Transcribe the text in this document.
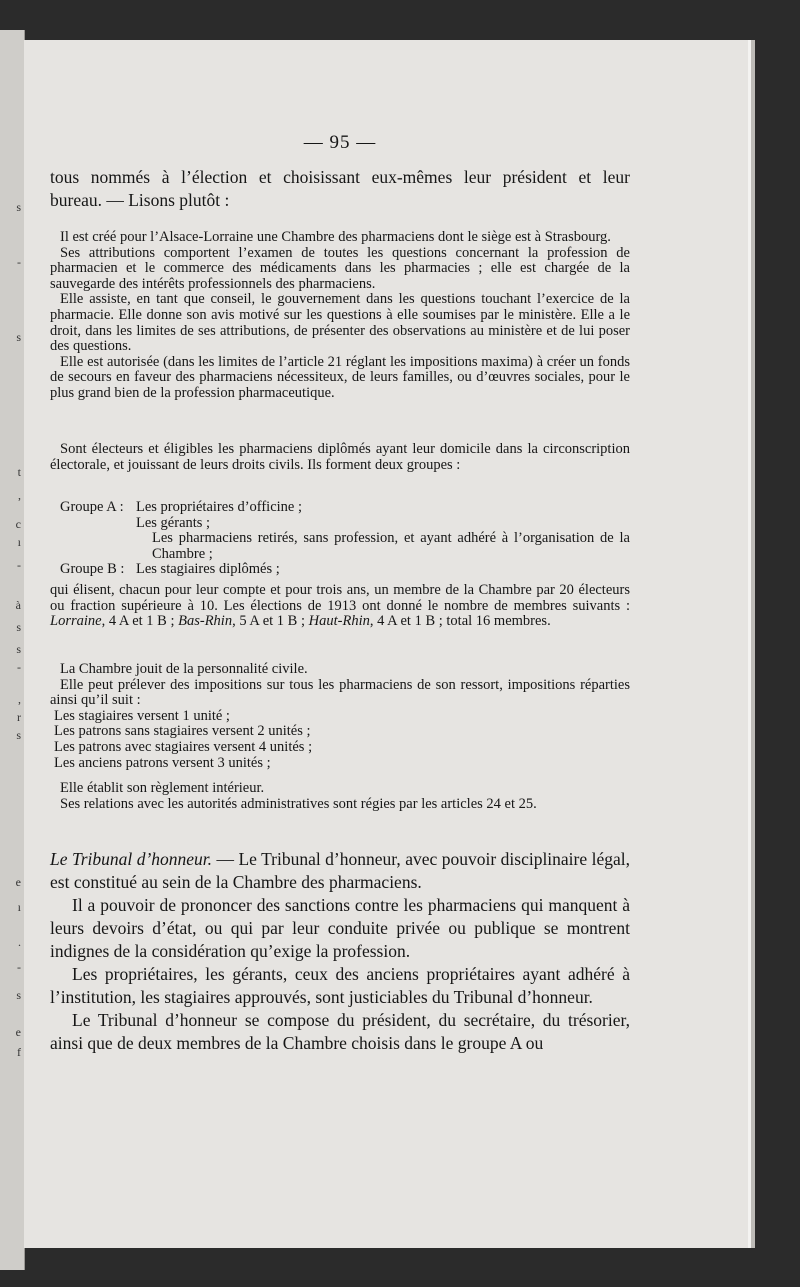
s
-
s
t
,
c
ı
-
à
s
s
-
,
r
s
e
ı
.
-
s
e
f
— 95 —

tous nommés à l’élection et choisissant eux-mêmes leur président et leur

bureau. — Lisons plutôt :

Il est créé pour l’Alsace-Lorraine une Chambre des pharmaciens dont le siège est à Strasbourg.

Ses attributions comportent l’examen de toutes les questions concernant la profession de pharmacien et le commerce des médicaments dans les pharmacies ; elle est chargée de la sauvegarde des intérêts professionnels des pharmaciens.

Elle assiste, en tant que conseil, le gouvernement dans les questions touchant l’exercice de la pharmacie. Elle donne son avis motivé sur les questions à elle soumises par le ministère. Elle a le droit, dans les limites de ses attributions, de présenter des observations au ministère et de lui poser des questions.

Elle est autorisée (dans les limites de l’article 21 réglant les impositions maxima) à créer un fonds de secours en faveur des pharmaciens nécessiteux, de leurs familles, ou d’œuvres sociales, pour le plus grand bien de la profession pharmaceutique.

Sont électeurs et éligibles les pharmaciens diplômés ayant leur domicile dans la circonscription électorale, et jouissant de leurs droits civils. Ils forment deux groupes :

Groupe A : Les propriétaires d’officine ;

Les gérants ;

Les pharmaciens retirés, sans profession, et ayant adhéré à l’organisation de la Chambre ;

Groupe B : Les stagiaires diplômés ;

qui élisent, chacun pour leur compte et pour trois ans, un membre de la Chambre par 20 électeurs ou fraction supérieure à 10. Les élections de 1913 ont donné le nombre de membres suivants : Lorraine, 4 A et 1 B ; Bas-Rhin, 5 A et 1 B ; Haut-Rhin, 4 A et 1 B ; total 16 membres.

La Chambre jouit de la personnalité civile.

Elle peut prélever des impositions sur tous les pharmaciens de son ressort, impositions réparties ainsi qu’il suit :

Les stagiaires versent 1 unité ;

Les patrons sans stagiaires versent 2 unités ;

Les patrons avec stagiaires versent 4 unités ;

Les anciens patrons versent 3 unités ;

Elle établit son règlement intérieur.

Ses relations avec les autorités administratives sont régies par les articles 24 et 25.

Le Tribunal d’honneur. — Le Tribunal d’honneur, avec pouvoir disciplinaire légal, est constitué au sein de la Chambre des pharmaciens.

Il a pouvoir de prononcer des sanctions contre les pharmaciens qui manquent à leurs devoirs d’état, ou qui par leur conduite privée ou publique se montrent indignes de la considération qu’exige la profession.

Les propriétaires, les gérants, ceux des anciens propriétaires ayant adhéré à l’institution, les stagiaires approuvés, sont justiciables du Tribunal d’honneur.

Le Tribunal d’honneur se compose du président, du secrétaire, du trésorier, ainsi que de deux membres de la Chambre choisis dans le groupe A ou
